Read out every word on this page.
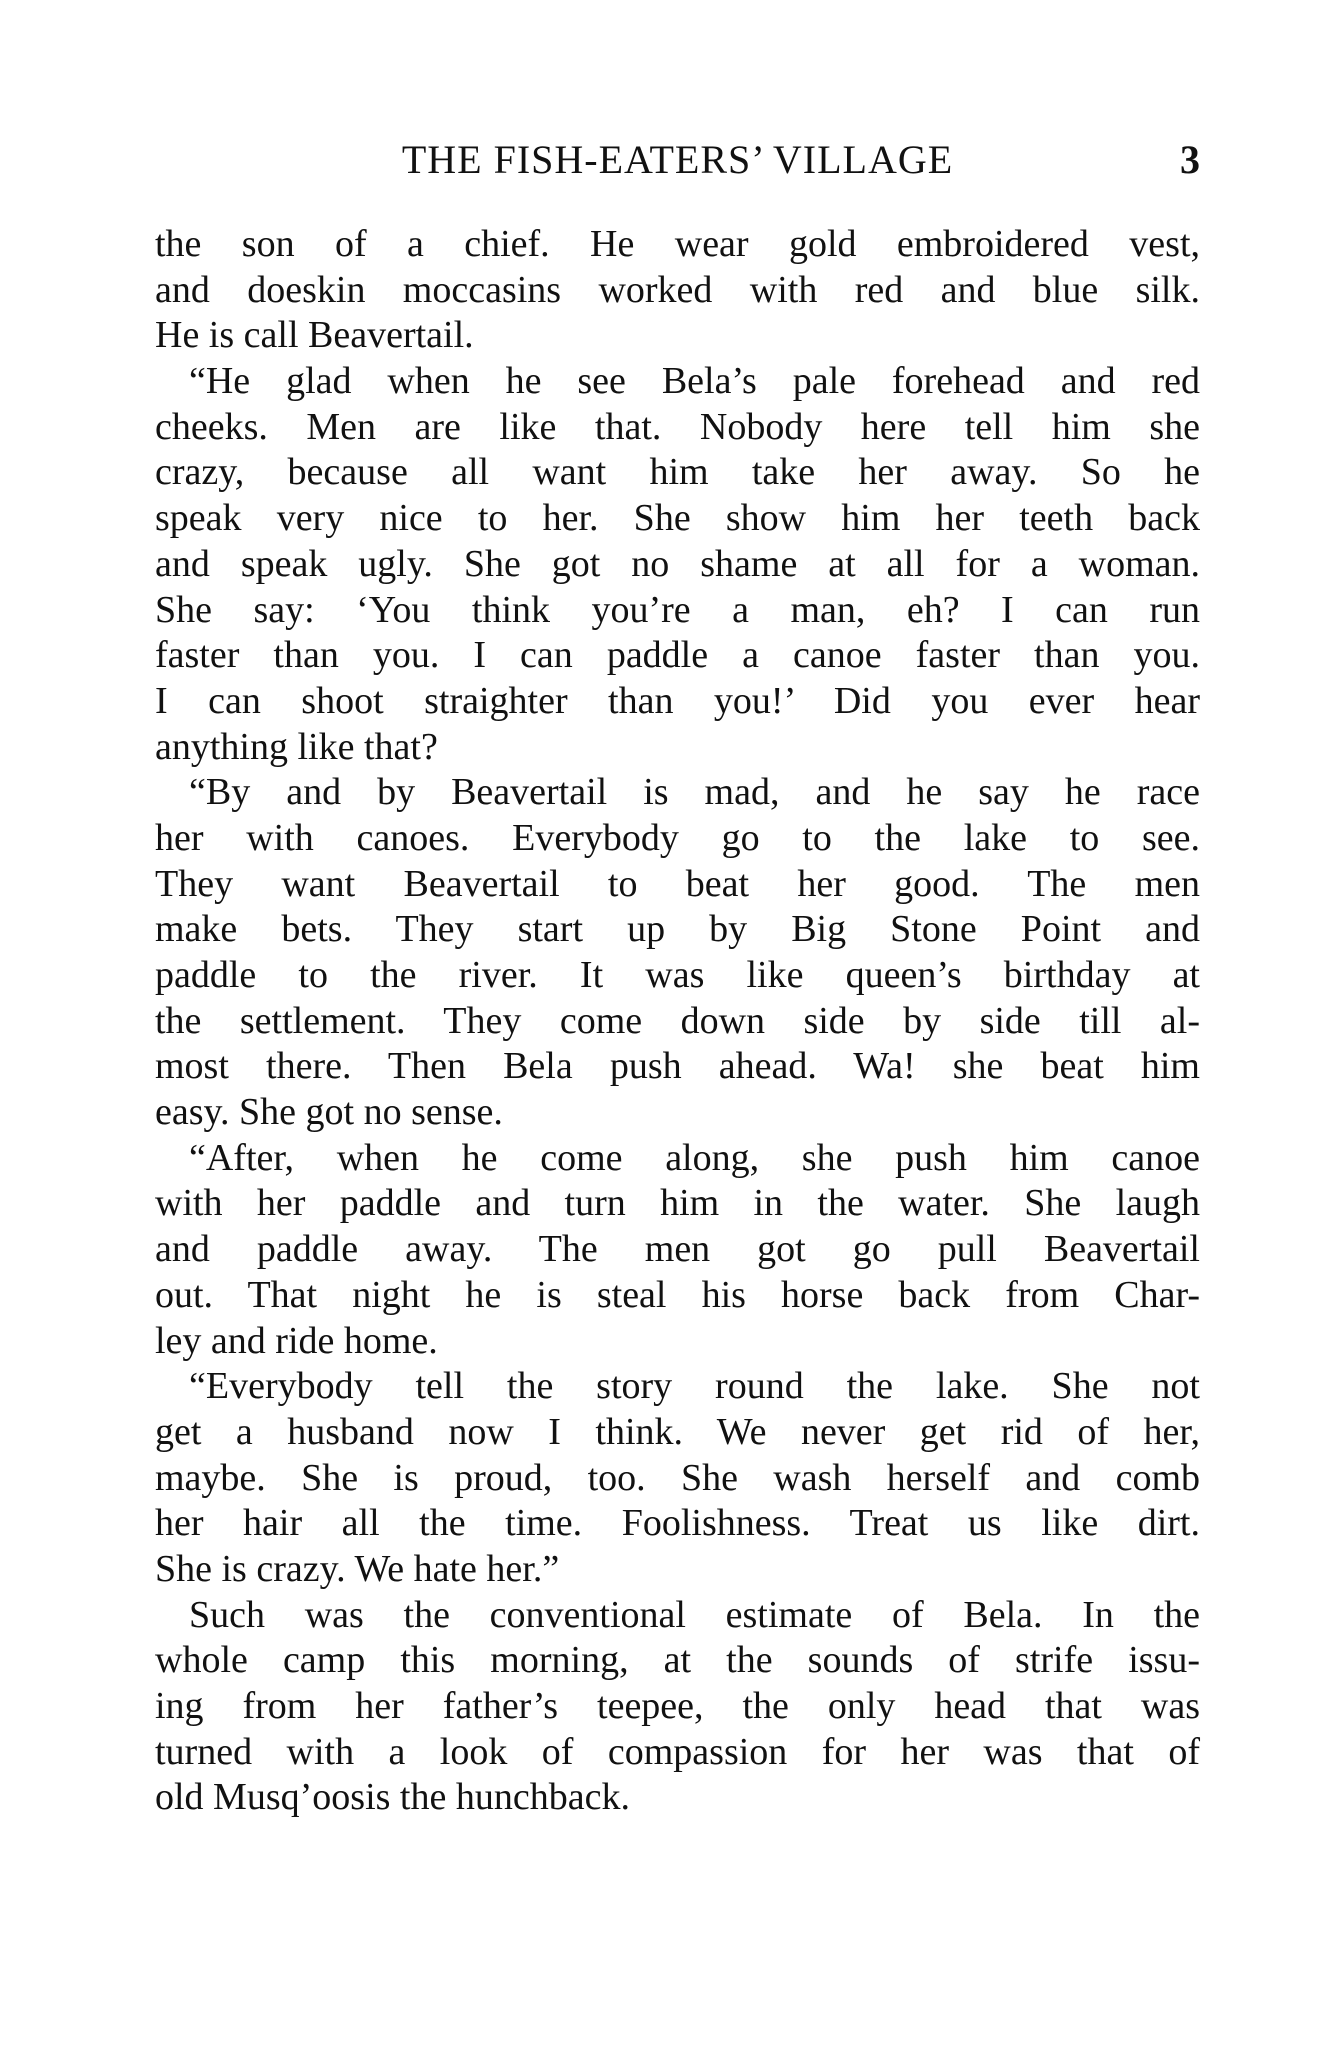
THE FISH-EATERS’ VILLAGE	3
the son of a chief. He wear gold embroidered vest,
and doeskin moccasins worked with red and blue silk.
He is call Beavertail.
“He glad when he see Bela’s pale forehead and red
cheeks. Men are like that. Nobody here tell him she
crazy, because all want him take her away. So he
speak very nice to her. She show him her teeth back
and speak ugly. She got no shame at all for a woman.
She say: ‘You think you’re a man, eh? I can run
faster than you. I can paddle a canoe faster than you.
I can shoot straighter than you!’ Did you ever hear
anything like that?
“By and by Beavertail is mad, and he say he race
her with canoes. Everybody go to the lake to see.
They want Beavertail to beat her good. The men
make bets. They start up by Big Stone Point and
paddle to the river. It was like queen’s birthday at
the settlement. They come down side by side till al-
most there. Then Bela push ahead. Wa! she beat him
easy. She got no sense.
“After, when he come along, she push him canoe
with her paddle and turn him in the water. She laugh
and paddle away. The men got go pull Beavertail
out. That night he is steal his horse back from Char-
ley and ride home.
“Everybody tell the story round the lake. She not
get a husband now I think. We never get rid of her,
maybe. She is proud, too. She wash herself and comb
her hair all the time. Foolishness. Treat us like dirt.
She is crazy. We hate her.”
Such was the conventional estimate of Bela. In the
whole camp this morning, at the sounds of strife issu-
ing from her father’s teepee, the only head that was
turned with a look of compassion for her was that of
old Musq’oosis the hunchback.
